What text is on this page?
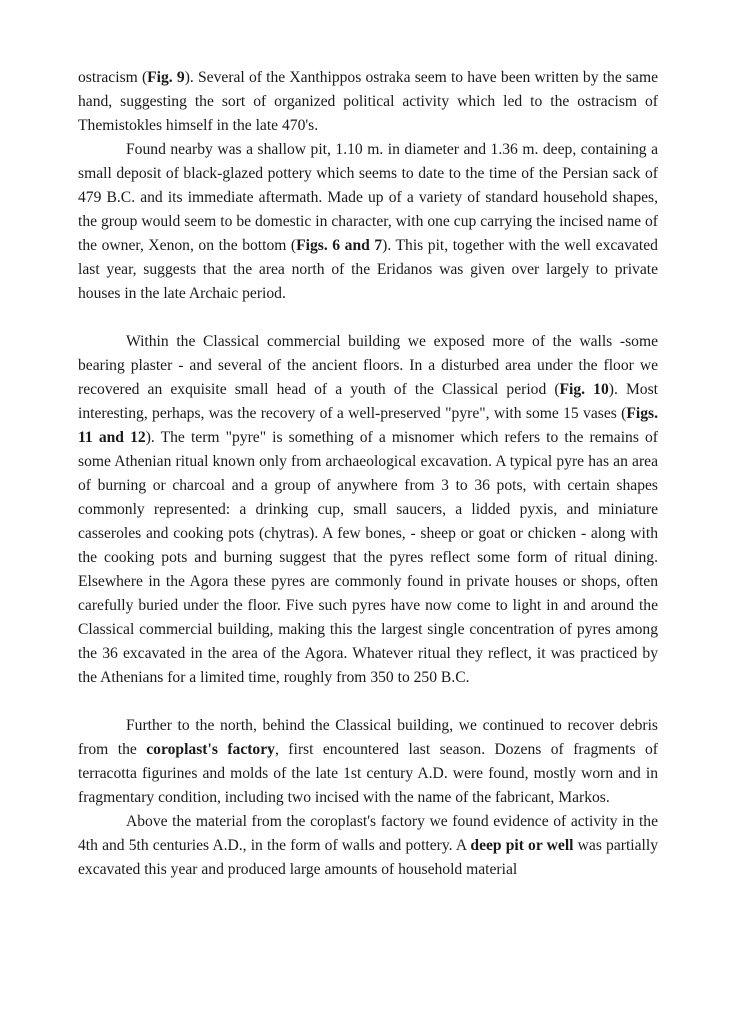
ostracism (Fig. 9). Several of the Xanthippos ostraka seem to have been written by the same hand, suggesting the sort of organized political activity which led to the ostracism of Themistokles himself in the late 470's.

Found nearby was a shallow pit, 1.10 m. in diameter and 1.36 m. deep, containing a small deposit of black-glazed pottery which seems to date to the time of the Persian sack of 479 B.C. and its immediate aftermath. Made up of a variety of standard household shapes, the group would seem to be domestic in character, with one cup carrying the incised name of the owner, Xenon, on the bottom (Figs. 6 and 7). This pit, together with the well excavated last year, suggests that the area north of the Eridanos was given over largely to private houses in the late Archaic period.

Within the Classical commercial building we exposed more of the walls -some bearing plaster - and several of the ancient floors. In a disturbed area under the floor we recovered an exquisite small head of a youth of the Classical period (Fig. 10). Most interesting, perhaps, was the recovery of a well-preserved "pyre", with some 15 vases (Figs. 11 and 12). The term "pyre" is something of a misnomer which refers to the remains of some Athenian ritual known only from archaeological excavation. A typical pyre has an area of burning or charcoal and a group of anywhere from 3 to 36 pots, with certain shapes commonly represented: a drinking cup, small saucers, a lidded pyxis, and miniature casseroles and cooking pots (chytras). A few bones, - sheep or goat or chicken - along with the cooking pots and burning suggest that the pyres reflect some form of ritual dining. Elsewhere in the Agora these pyres are commonly found in private houses or shops, often carefully buried under the floor. Five such pyres have now come to light in and around the Classical commercial building, making this the largest single concentration of pyres among the 36 excavated in the area of the Agora. Whatever ritual they reflect, it was practiced by the Athenians for a limited time, roughly from 350 to 250 B.C.

Further to the north, behind the Classical building, we continued to recover debris from the coroplast's factory, first encountered last season. Dozens of fragments of terracotta figurines and molds of the late 1st century A.D. were found, mostly worn and in fragmentary condition, including two incised with the name of the fabricant, Markos.

Above the material from the coroplast's factory we found evidence of activity in the 4th and 5th centuries A.D., in the form of walls and pottery. A deep pit or well was partially excavated this year and produced large amounts of household material
